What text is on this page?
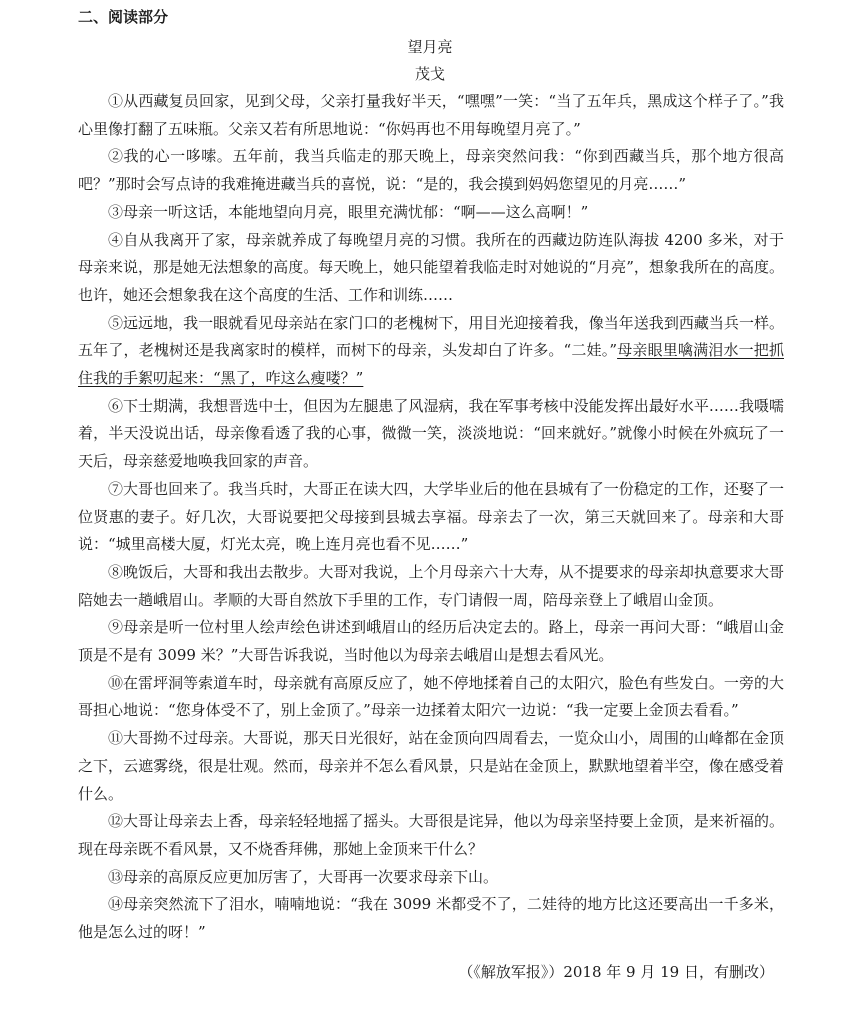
二、阅读部分
望月亮
茂戈

①从西藏复员回家，见到父母，父亲打量我好半天，“嘿嘿”一笑：“当了五年兵，黑成这个样子了。”我心里像打翻了五味瓶。父亲又若有所思地说：“你妈再也不用每晚望月亮了。”

②我的心一哆嗦。五年前，我当兵临走的那天晚上，母亲突然问我：“你到西藏当兵，那个地方很高吧？”那时会写点诗的我难掩进藏当兵的喜悦，说：“是的，我会摸到妈妈您望见的月亮……”

③母亲一听这话，本能地望向月亮，眼里充满忧郁：“啊——这么高啊！”

④自从我离开了家，母亲就养成了每晚望月亮的习惯。我所在的西藏边防连队海拔 4200 多米，对于母亲来说，那是她无法想象的高度。每天晚上，她只能望着我临走时对她说的“月亮”，想象我所在的高度。也许，她还会想象我在这个高度的生活、工作和训练……

⑤远远地，我一眼就看见母亲站在家门口的老槐树下，用目光迎接着我，像当年送我到西藏当兵一样。五年了，老槐树还是我离家时的模样，而树下的母亲，头发却白了许多。“二娃。”母亲眼里噙满泪水一把抓住我的手絮叨起来：“黑了，咋这么瘦喽？”

⑥下士期满，我想晋选中士，但因为左腿患了风湿病，我在军事考核中没能发挥出最好水平……我嗫嚅着，半天没说出话，母亲像看透了我的心事，微微一笑，淡淡地说：“回来就好。”就像小时候在外疯玩了一天后，母亲慈爱地唤我回家的声音。

⑦大哥也回来了。我当兵时，大哥正在读大四，大学毕业后的他在县城有了一份稳定的工作，还娶了一位贤惠的妻子。好几次，大哥说要把父母接到县城去享福。母亲去了一次，第三天就回来了。母亲和大哥说：“城里高楼大厦，灯光太亮，晚上连月亮也看不见……”

⑧晚饭后，大哥和我出去散步。大哥对我说，上个月母亲六十大寿，从不提要求的母亲却执意要求大哥陪她去一趟峨眉山。孝顺的大哥自然放下手里的工作，专门请假一周，陪母亲登上了峨眉山金顶。

⑨母亲是听一位村里人绘声绘色讲述到峨眉山的经历后决定去的。路上，母亲一再问大哥：“峨眉山金顶是不是有 3099 米？”大哥告诉我说，当时他以为母亲去峨眉山是想去看风光。

⑩在雷坪洞等索道车时，母亲就有高原反应了，她不停地揉着自己的太阳穴，脸色有些发白。一旁的大哥担心地说：“您身体受不了，别上金顶了。”母亲一边揉着太阳穴一边说：“我一定要上金顶去看看。”

⑪大哥拗不过母亲。大哥说，那天日光很好，站在金顶向四周看去，一览众山小，周围的山峰都在金顶之下，云遮雾绕，很是壮观。然而，母亲并不怎么看风景，只是站在金顶上，默默地望着半空，像在感受着什么。

⑫大哥让母亲去上香，母亲轻轻地摇了摇头。大哥很是诧异，他以为母亲坚持要上金顶，是来祈福的。现在母亲既不看风景，又不烧香拜佛，那她上金顶来干什么？

⑬母亲的高原反应更加厉害了，大哥再一次要求母亲下山。

⑭母亲突然流下了泪水，喃喃地说：“我在 3099 米都受不了，二娃待的地方比这还要高出一千多米，他是怎么过的呀！”

（《解放军报》）2018 年 9 月 19 日，有删改）
